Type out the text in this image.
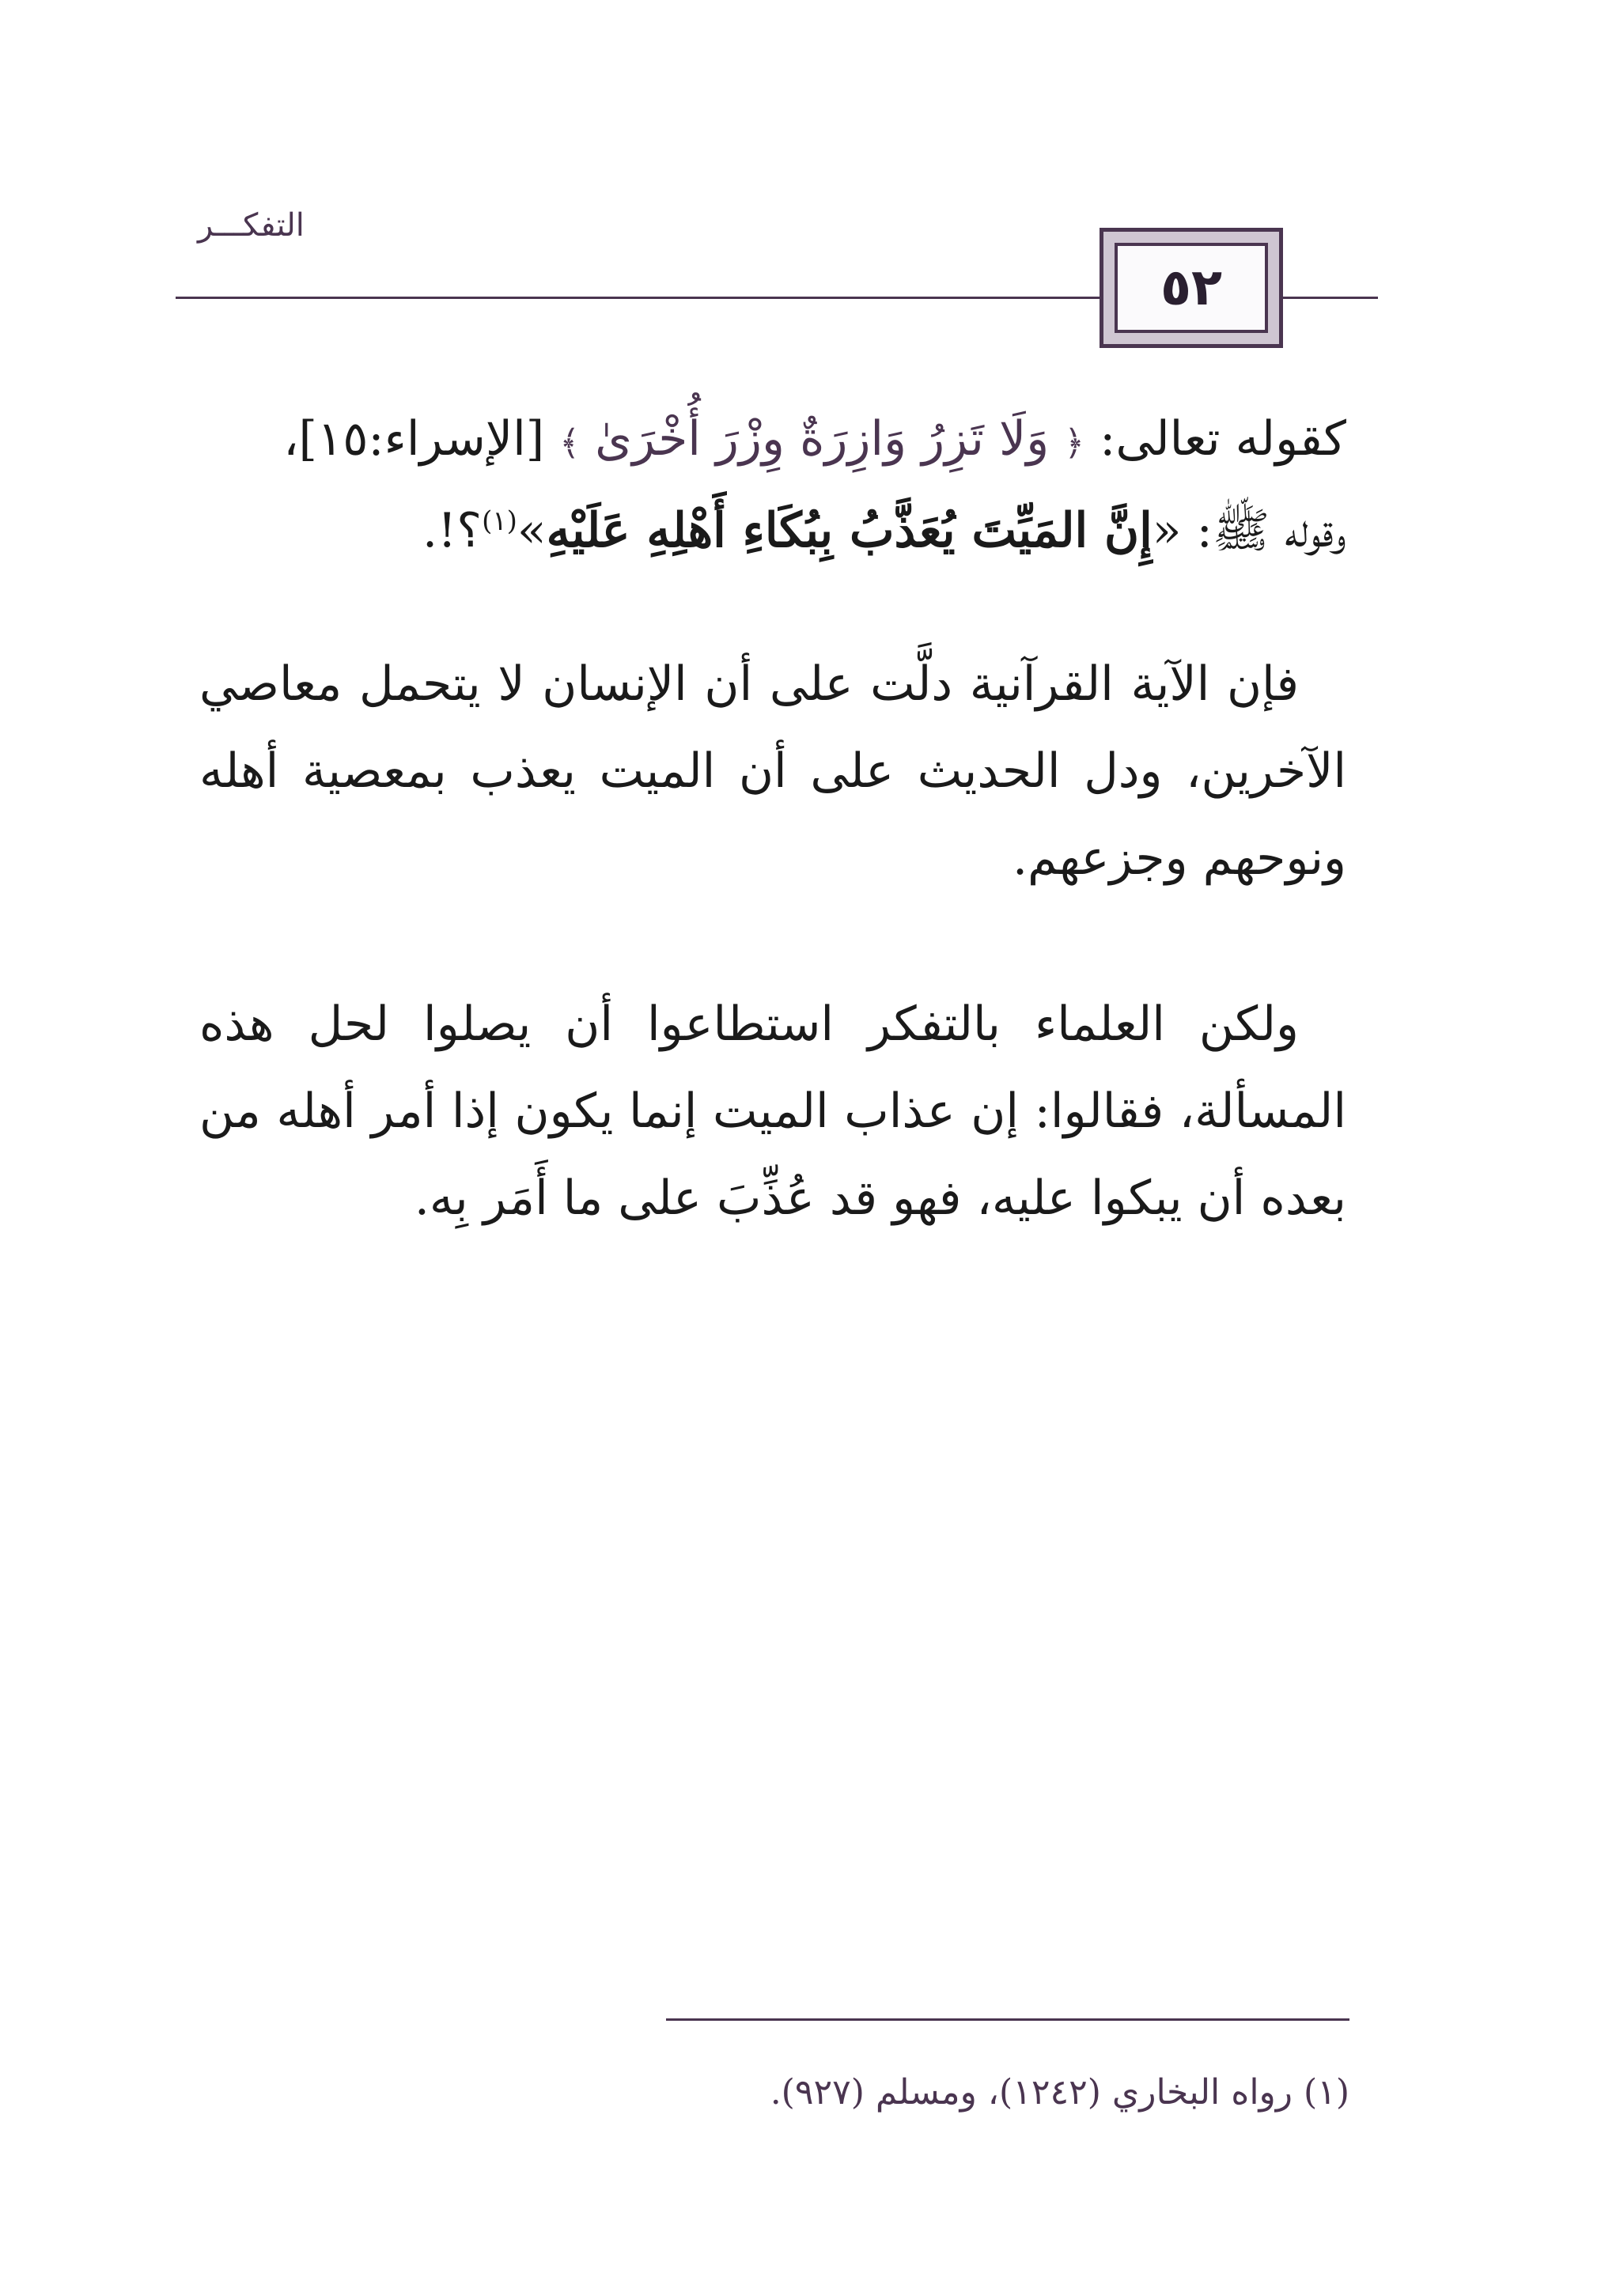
التفكـــر
٥٢
كقوله تعالى: ﴿ وَلَا تَزِرُ وَازِرَةٌ وِزْرَ أُخْرَىٰ ﴾ [الإسراء:١٥]،
وقوله ﷺ: «إِنَّ المَيِّتَ يُعَذَّبُ بِبُكَاءِ أَهْلِهِ عَلَيْهِ»$^{(١)}$؟!.
فإن الآية القرآنية دلَّت على أن الإنسان لا يتحمل معاصي الآخرين، ودل الحديث على أن الميت يعذب بمعصية أهله ونوحهم وجزعهم.
ولكن العلماء بالتفكر استطاعوا أن يصلوا لحل هذه المسألة، فقالوا: إن عذاب الميت إنما يكون إذا أمر أهله من بعده أن يبكوا عليه، فهو قد عُذِّبَ على ما أَمَر بِه.
(١) رواه البخاري (١٢٤٢)، ومسلم (٩٢٧).
